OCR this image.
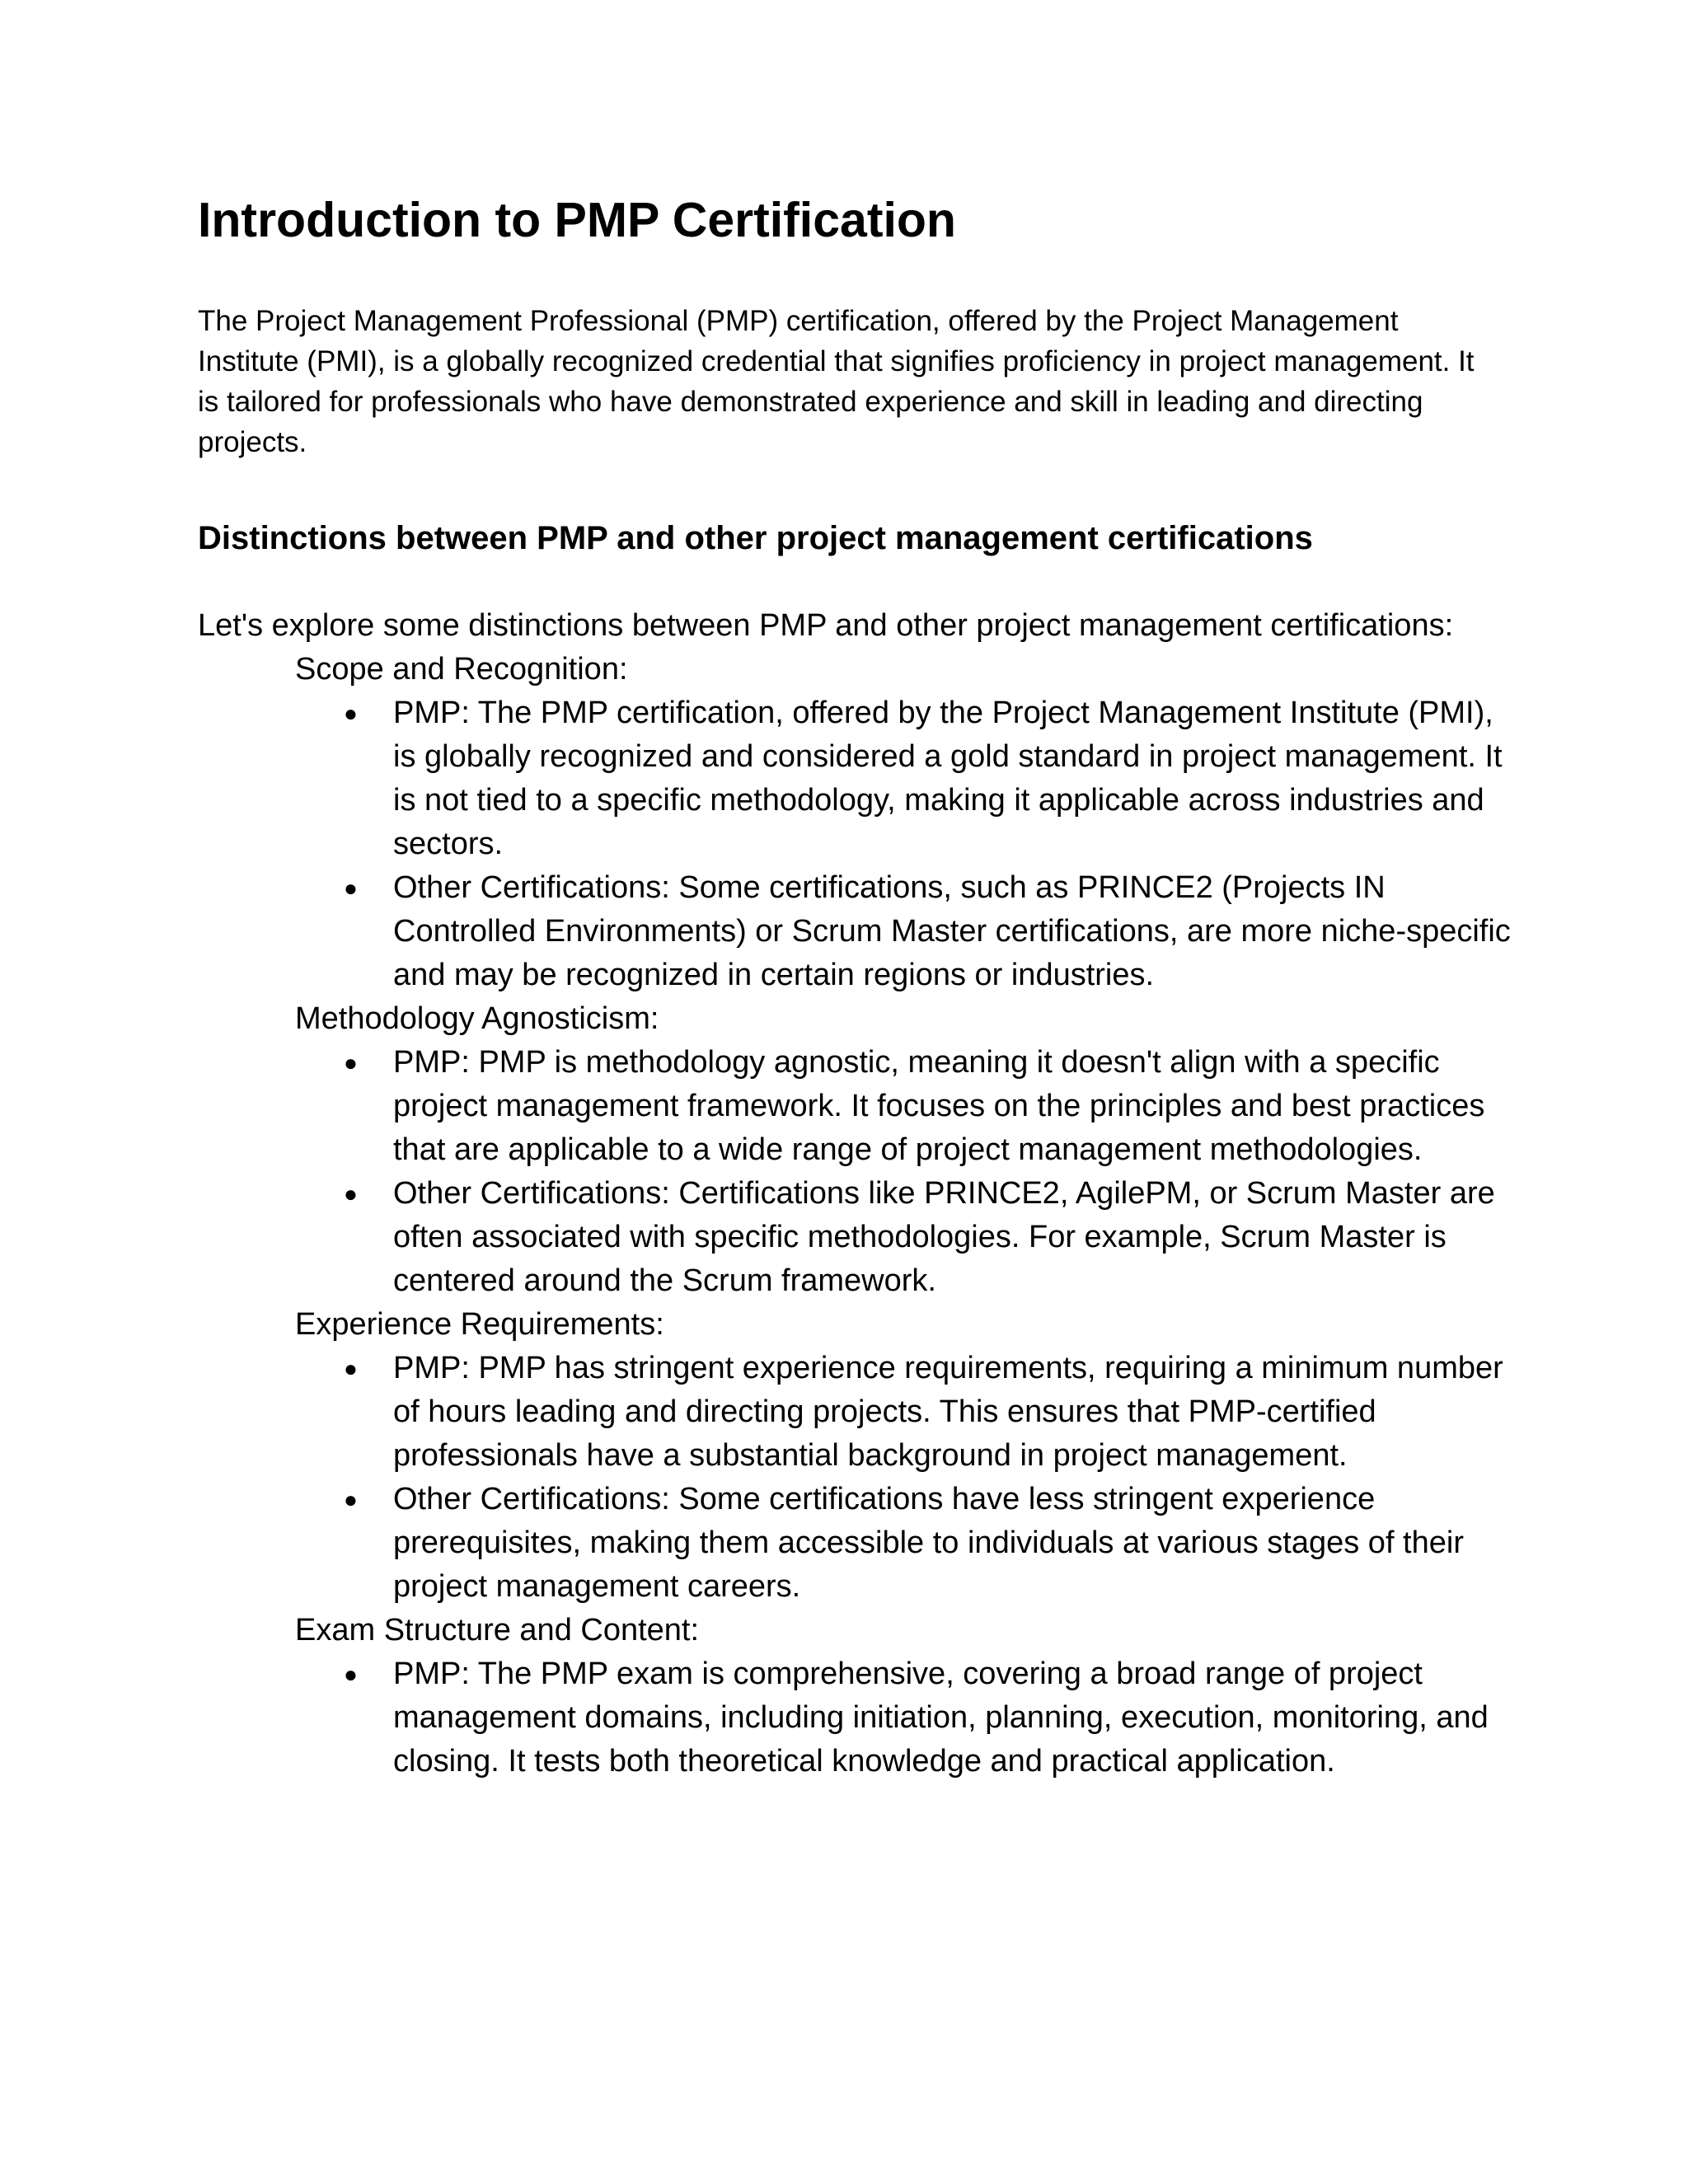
Introduction to PMP Certification

The Project Management Professional (PMP) certification, offered by the Project Management Institute (PMI), is a globally recognized credential that signifies proficiency in project management. It is tailored for professionals who have demonstrated experience and skill in leading and directing projects.

Distinctions between PMP and other project management certifications

Let's explore some distinctions between PMP and other project management certifications:

Scope and Recognition:
● PMP: The PMP certification, offered by the Project Management Institute (PMI), is globally recognized and considered a gold standard in project management. It is not tied to a specific methodology, making it applicable across industries and sectors.
● Other Certifications: Some certifications, such as PRINCE2 (Projects IN Controlled Environments) or Scrum Master certifications, are more niche-specific and may be recognized in certain regions or industries.
Methodology Agnosticism:
● PMP: PMP is methodology agnostic, meaning it doesn't align with a specific project management framework. It focuses on the principles and best practices that are applicable to a wide range of project management methodologies.
● Other Certifications: Certifications like PRINCE2, AgilePM, or Scrum Master are often associated with specific methodologies. For example, Scrum Master is centered around the Scrum framework.
Experience Requirements:
● PMP: PMP has stringent experience requirements, requiring a minimum number of hours leading and directing projects. This ensures that PMP-certified professionals have a substantial background in project management.
● Other Certifications: Some certifications have less stringent experience prerequisites, making them accessible to individuals at various stages of their project management careers.
Exam Structure and Content:
● PMP: The PMP exam is comprehensive, covering a broad range of project management domains, including initiation, planning, execution, monitoring, and closing. It tests both theoretical knowledge and practical application.
